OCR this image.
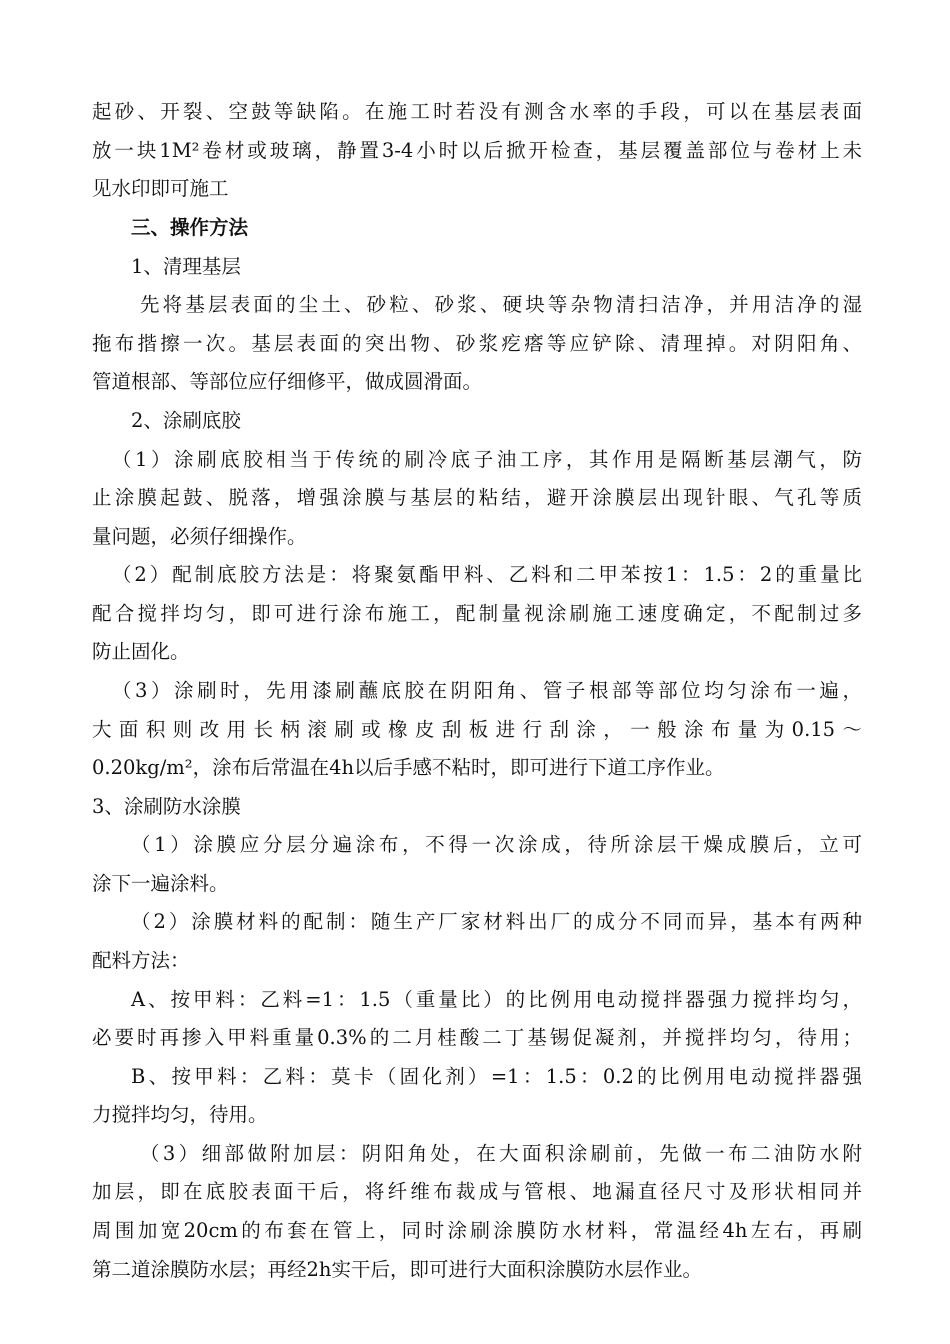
起砂、开裂、空鼓等缺陷。在施工时若没有测含水率的手段，可以在基层表面
放一块1M²卷材或玻璃，静置3-4小时以后掀开检查，基层覆盖部位与卷材上未
见水印即可施工
三、操作方法
1、清理基层
先将基层表面的尘土、砂粒、砂浆、硬块等杂物清扫洁净，并用洁净的湿
拖布揩擦一次。基层表面的突出物、砂浆疙瘩等应铲除、清理掉。对阴阳角、
管道根部、等部位应仔细修平，做成圆滑面。
2、涂刷底胶
（1）涂刷底胶相当于传统的刷冷底子油工序，其作用是隔断基层潮气，防
止涂膜起鼓、脱落，增强涂膜与基层的粘结，避开涂膜层出现针眼、气孔等质
量问题，必须仔细操作。
（2）配制底胶方法是：将聚氨酯甲料、乙料和二甲苯按1：1.5：2的重量比
配合搅拌均匀，即可进行涂布施工，配制量视涂刷施工速度确定，不配制过多
防止固化。
（3）涂刷时，先用漆刷蘸底胶在阴阳角、管子根部等部位均匀涂布一遍，
大面积则改用长柄滚刷或橡皮刮板进行刮涂，一般涂布量为0.15～
0.20kg/m²，涂布后常温在4h以后手感不粘时，即可进行下道工序作业。
3、涂刷防水涂膜
（1）涂膜应分层分遍涂布，不得一次涂成，待所涂层干燥成膜后，立可
涂下一遍涂料。
（2）涂膜材料的配制：随生产厂家材料出厂的成分不同而异，基本有两种
配料方法：
A、按甲料：乙料=1：1.5（重量比）的比例用电动搅拌器强力搅拌均匀，
必要时再掺入甲料重量0.3%的二月桂酸二丁基锡促凝剂，并搅拌均匀，待用；
B、按甲料：乙料：莫卡（固化剂）=1：1.5：0.2的比例用电动搅拌器强
力搅拌均匀，待用。
（3）细部做附加层：阴阳角处，在大面积涂刷前，先做一布二油防水附
加层，即在底胶表面干后，将纤维布裁成与管根、地漏直径尺寸及形状相同并
周围加宽20cm的布套在管上，同时涂刷涂膜防水材料，常温经4h左右，再刷
第二道涂膜防水层；再经2h实干后，即可进行大面积涂膜防水层作业。
